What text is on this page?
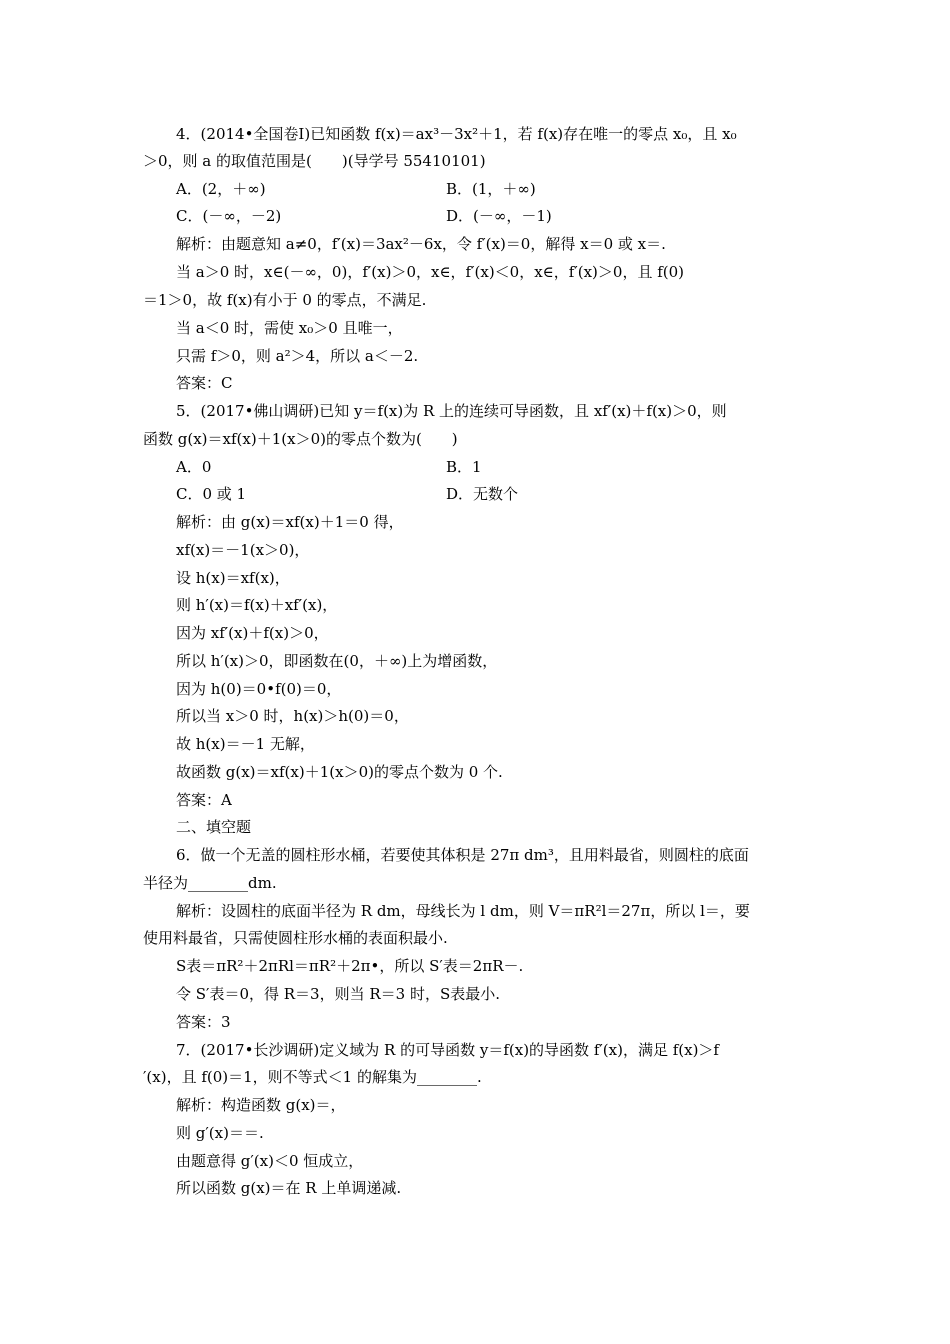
4．(2014•全国卷Ⅰ)已知函数 f(x)＝ax³－3x²＋1，若 f(x)存在唯一的零点 x₀，且 x₀
＞0，则 a 的取值范围是(　　)(导学号 55410101)
A．(2，＋∞)	B．(1，＋∞)
C．(－∞，－2)	D．(－∞，－1)
解析：由题意知 a≠0，f′(x)＝3ax²－6x，令 f′(x)＝0，解得 x＝0 或 x＝.
当 a＞0 时，x∈(－∞，0)，f′(x)＞0，x∈，f′(x)＜0，x∈，f′(x)＞0，且 f(0)
＝1＞0，故 f(x)有小于 0 的零点，不满足.
当 a＜0 时，需使 x₀＞0 且唯一，
只需 f＞0，则 a²＞4，所以 a＜－2.
答案：C
5．(2017•佛山调研)已知 y＝f(x)为 R 上的连续可导函数，且 xf′(x)＋f(x)＞0，则
函数 g(x)＝xf(x)＋1(x＞0)的零点个数为(　　)
A．0	B．1
C．0 或 1	D．无数个
解析：由 g(x)＝xf(x)＋1＝0 得，
xf(x)＝－1(x＞0)，
设 h(x)＝xf(x)，
则 h′(x)＝f(x)＋xf′(x)，
因为 xf′(x)＋f(x)＞0，
所以 h′(x)＞0，即函数在(0，＋∞)上为增函数，
因为 h(0)＝0•f(0)＝0，
所以当 x＞0 时，h(x)＞h(0)＝0，
故 h(x)＝－1 无解，
故函数 g(x)＝xf(x)＋1(x＞0)的零点个数为 0 个.
答案：A
二、填空题
6．做一个无盖的圆柱形水桶，若要使其体积是 27π dm³，且用料最省，则圆柱的底面
半径为________dm.
解析：设圆柱的底面半径为 R dm，母线长为 l dm，则 V＝πR²l＝27π，所以 l＝，要
使用料最省，只需使圆柱形水桶的表面积最小.
S表＝πR²＋2πRl＝πR²＋2π•，所以 S′表＝2πR－.
令 S′表＝0，得 R＝3，则当 R＝3 时，S表最小.
答案：3
7．(2017•长沙调研)定义域为 R 的可导函数 y＝f(x)的导函数 f′(x)，满足 f(x)＞f
′(x)，且 f(0)＝1，则不等式＜1 的解集为________.
解析：构造函数 g(x)＝，
则 g′(x)＝＝.
由题意得 g′(x)＜0 恒成立，
所以函数 g(x)＝在 R 上单调递减.
